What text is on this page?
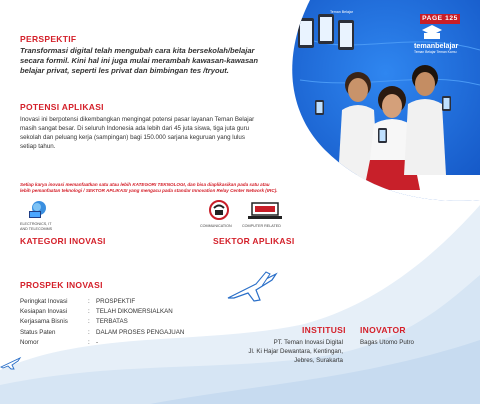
temanbelajar
Teman Belajar Teman Kamu
Teman Belajar
PAGE 125
PERSPEKTIF
Transformasi digital telah mengubah cara kita bersekolah/belajar
secara formil. Kini hal ini juga mulai merambah kawasan-kawasan
belajar privat, seperti les privat dan bimbingan tes /tryout.
POTENSI APLIKASI
Inovasi ini berpotensi dikembangkan mengingat potensi pasar layanan Teman Belajar
masih sangat besar. Di seluruh Indonesia ada lebih dari 45 juta siswa, tiga juta guru
sekolah dan peluang kerja (sampingan) bagi 150.000 sarjana keguruan yang lulus
setiap tahun.
Setiap karya inovasi memanfaatkan satu atau lebih KATEGORI TEKNOLOGI, dan bisa diaplikasikan pada satu atau
lebih pemanfaatan teknologi / SEKTOR APLIKASI yang mengacu pada standar Innovation Relay Center Network (IRC).
ELECTRONICS, IT
AND TELECOMMS
KATEGORI INOVASI
COMMUNICATION	COMPUTER RELATED
SEKTOR APLIKASI
PROSPEK INOVASI
Peringkat Inovasi	:	PROSPEKTIF
Kesiapan Inovasi	:	TELAH DIKOMERSIALKAN
Kerjasama Bisnis	:	TERBATAS
Status Paten	:	DALAM PROSES PENGAJUAN
Nomor	:	-
INSTITUSI
PT. Teman Inovasi Digital
Jl. Ki Hajar Dewantara, Kentingan,
Jebres, Surakarta
INOVATOR
Bagas Utomo Putro
